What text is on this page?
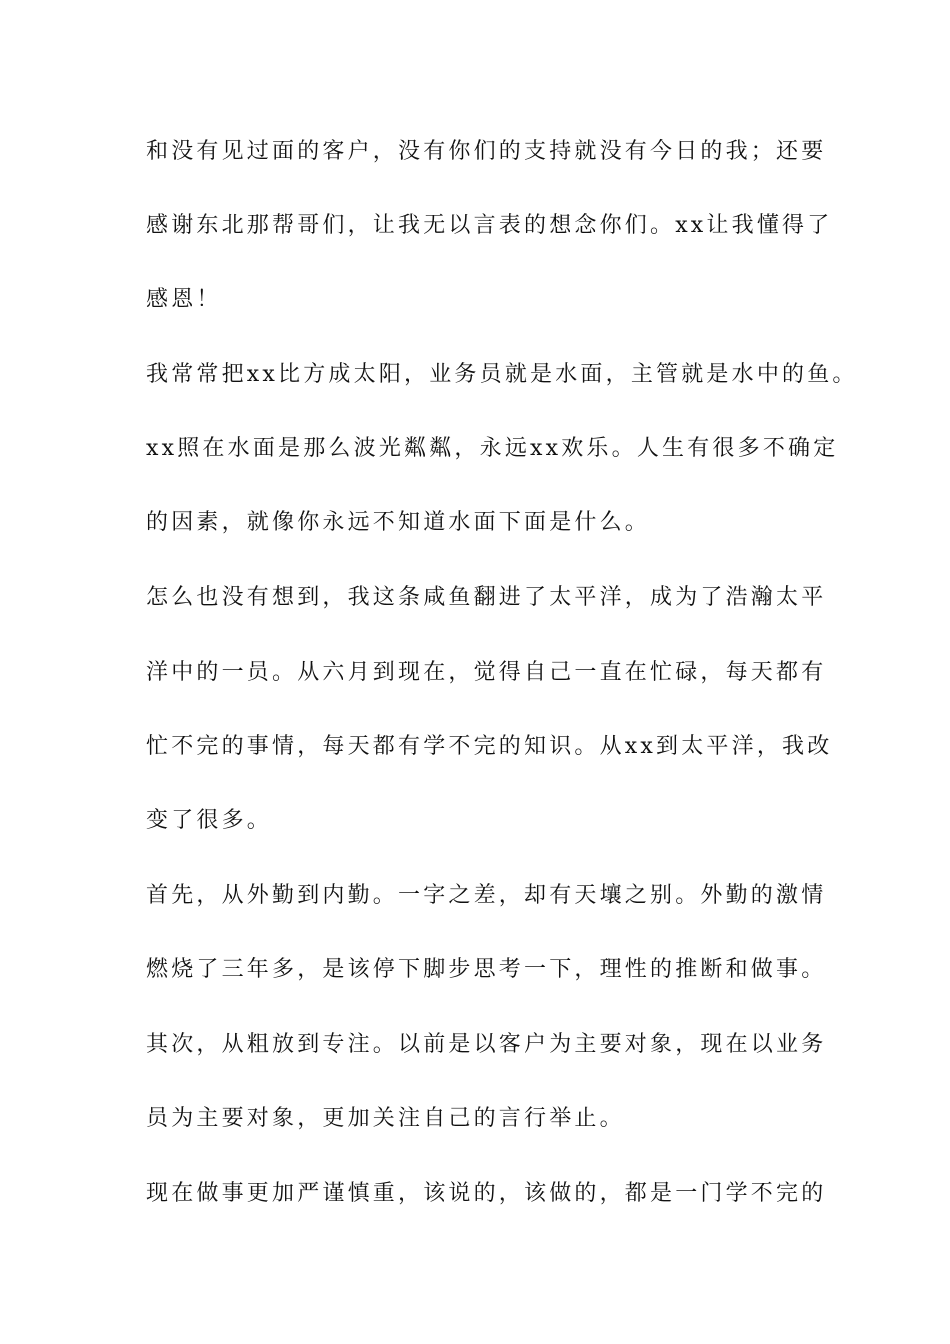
和没有见过面的客户，没有你们的支持就没有今日的我；还要
感谢东北那帮哥们，让我无以言表的想念你们。xx让我懂得了
感恩！
我常常把xx比方成太阳，业务员就是水面，主管就是水中的鱼。
xx照在水面是那么波光粼粼，永远xx欢乐。人生有很多不确定
的因素，就像你永远不知道水面下面是什么。
怎么也没有想到，我这条咸鱼翻进了太平洋，成为了浩瀚太平
洋中的一员。从六月到现在，觉得自己一直在忙碌，每天都有
忙不完的事情，每天都有学不完的知识。从xx到太平洋，我改
变了很多。
首先，从外勤到内勤。一字之差，却有天壤之别。外勤的激情
燃烧了三年多，是该停下脚步思考一下，理性的推断和做事。
其次，从粗放到专注。以前是以客户为主要对象，现在以业务
员为主要对象，更加关注自己的言行举止。
现在做事更加严谨慎重，该说的，该做的，都是一门学不完的
